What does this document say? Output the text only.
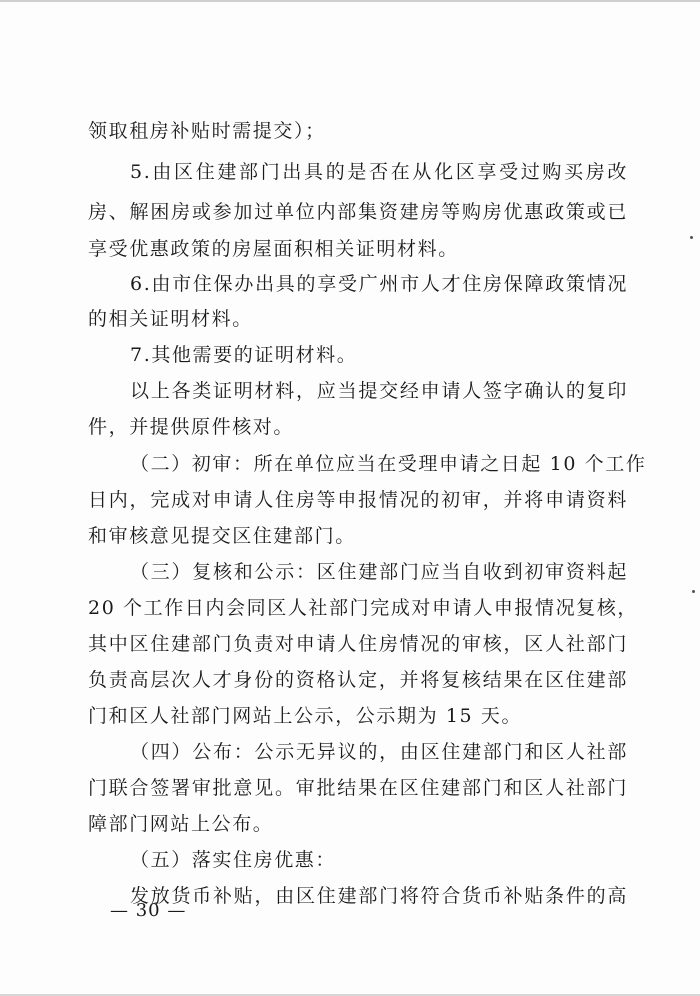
领取租房补贴时需提交）；
5.由区住建部门出具的是否在从化区享受过购买房改
房、解困房或参加过单位内部集资建房等购房优惠政策或已
享受优惠政策的房屋面积相关证明材料。
6.由市住保办出具的享受广州市人才住房保障政策情况
的相关证明材料。
7.其他需要的证明材料。
以上各类证明材料，应当提交经申请人签字确认的复印
件，并提供原件核对。
（二）初审：所在单位应当在受理申请之日起 10 个工作
日内，完成对申请人住房等申报情况的初审，并将申请资料
和审核意见提交区住建部门。
（三）复核和公示：区住建部门应当自收到初审资料起
20 个工作日内会同区人社部门完成对申请人申报情况复核，
其中区住建部门负责对申请人住房情况的审核，区人社部门
负责高层次人才身份的资格认定，并将复核结果在区住建部
门和区人社部门网站上公示，公示期为 15 天。
（四）公布：公示无异议的，由区住建部门和区人社部
门联合签署审批意见。审批结果在区住建部门和区人社部门
障部门网站上公布。
（五）落实住房优惠：
发放货币补贴，由区住建部门将符合货币补贴条件的高
— 30 —
